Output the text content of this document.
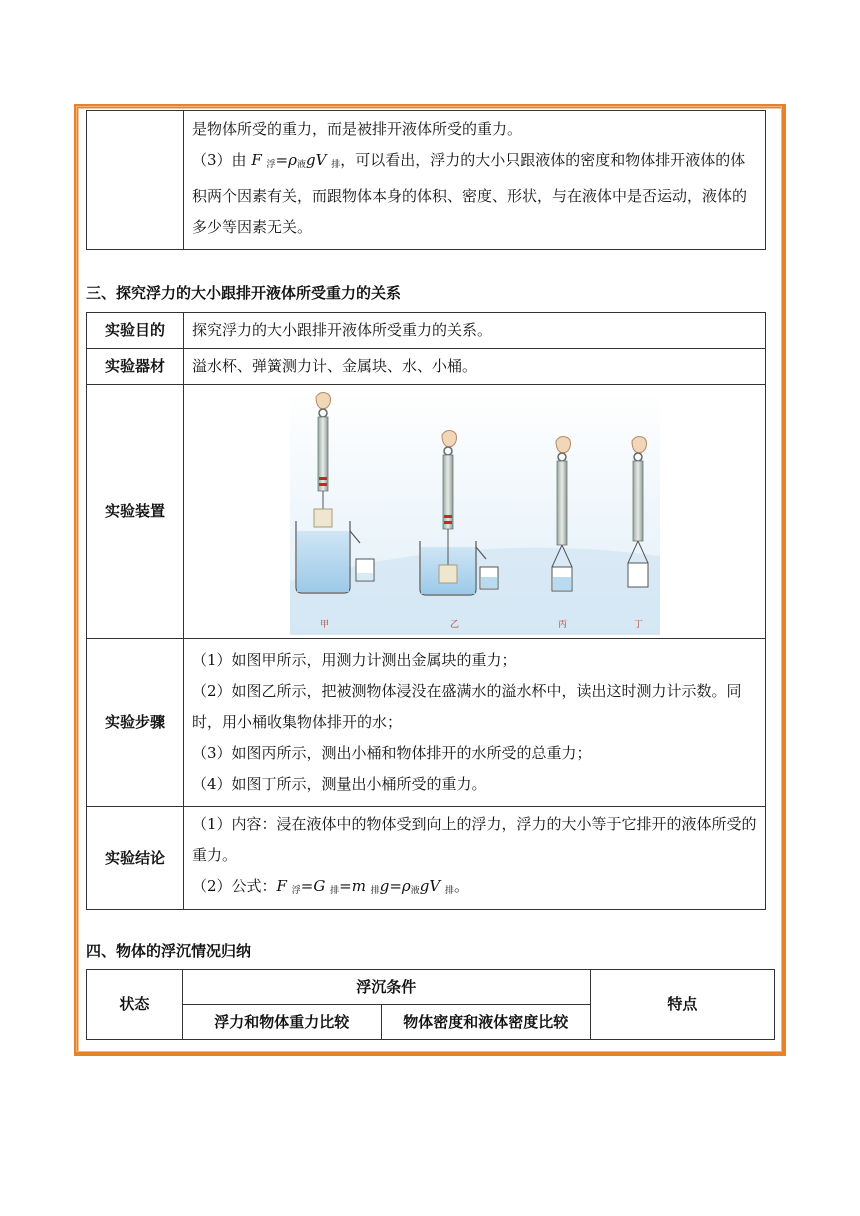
是物体所受的重力，而是被排开液体所受的重力。

（3）由 F $_浮=\rho_液gV$ $_排$，可以看出，浮力的大小只跟液体的密度和物体排开液体的体积两个因素有关，而跟物体本身的体积、密度、形状，与在液体中是否运动，液体的多少等因素无关。

三、探究浮力的大小跟排开液体所受重力的关系
实验目的	探究浮力的大小跟排开液体所受重力的关系。
实验器材	溢水杯、弹簧测力计、金属块、水、小桶。
实验装置	甲 乙 丙 丁

实验步骤	（1）如图甲所示，用测力计测出金属块的重力；

（2）如图乙所示，把被测物体浸没在盛满水的溢水杯中，读出这时测力计示数。同时，用小桶收集物体排开的水；

（3）如图丙所示，测出小桶和物体排开的水所受的总重力；

（4）如图丁所示，测量出小桶所受的重力。

实验结论	（1）内容：浸在液体中的物体受到向上的浮力，浮力的大小等于它排开的液体所受的重力。

（2）公式：F $_浮$=G $_排$=m $_排g=\rho_液gV$ $_排$。

四、物体的浮沉情况归纳
状态	浮沉条件		特点
	浮力和物体重力比较	物体密度和液体密度比较	
